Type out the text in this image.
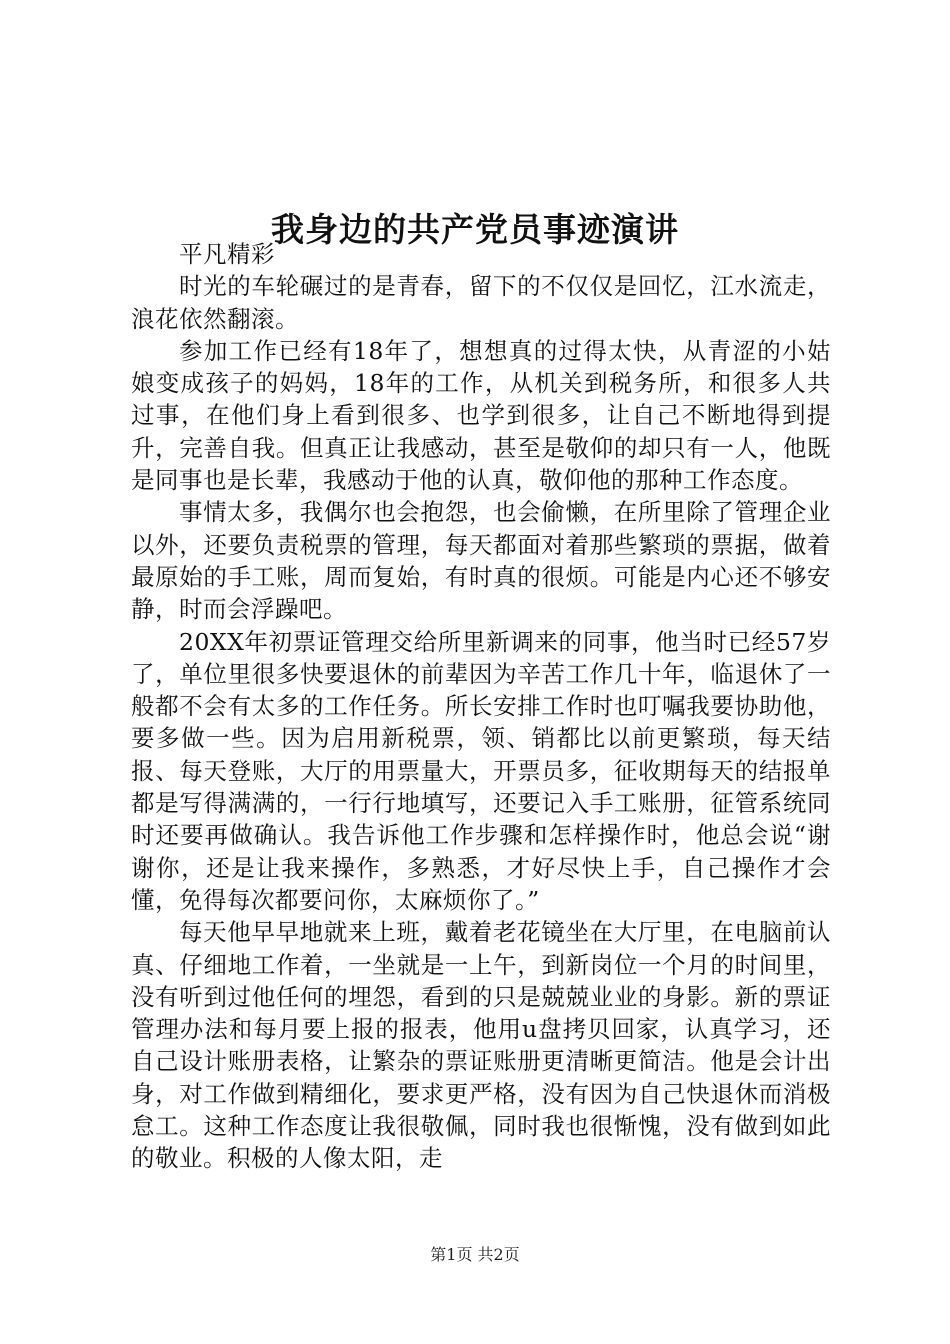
我身边的共产党员事迹演讲

平凡精彩

时光的车轮碾过的是青春，留下的不仅仅是回忆，江水流走，浪花依然翻滚。

参加工作已经有18年了，想想真的过得太快，从青涩的小姑娘变成孩子的妈妈，18年的工作，从机关到税务所，和很多人共过事，在他们身上看到很多、也学到很多，让自己不断地得到提升，完善自我。但真正让我感动，甚至是敬仰的却只有一人，他既是同事也是长辈，我感动于他的认真，敬仰他的那种工作态度。

事情太多，我偶尔也会抱怨，也会偷懒，在所里除了管理企业以外，还要负责税票的管理，每天都面对着那些繁琐的票据，做着最原始的手工账，周而复始，有时真的很烦。可能是内心还不够安静，时而会浮躁吧。

20XX年初票证管理交给所里新调来的同事，他当时已经57岁了，单位里很多快要退休的前辈因为辛苦工作几十年，临退休了一般都不会有太多的工作任务。所长安排工作时也叮嘱我要协助他，要多做一些。因为启用新税票，领、销都比以前更繁琐，每天结报、每天登账，大厅的用票量大，开票员多，征收期每天的结报单都是写得满满的，一行行地填写，还要记入手工账册，征管系统同时还要再做确认。我告诉他工作步骤和怎样操作时，他总会说“谢谢你，还是让我来操作，多熟悉，才好尽快上手，自己操作才会懂，免得每次都要问你，太麻烦你了。”

每天他早早地就来上班，戴着老花镜坐在大厅里，在电脑前认真、仔细地工作着，一坐就是一上午，到新岗位一个月的时间里，没有听到过他任何的埋怨，看到的只是兢兢业业的身影。新的票证管理办法和每月要上报的报表，他用u盘拷贝回家，认真学习，还自己设计账册表格，让繁杂的票证账册更清晰更简洁。他是会计出身，对工作做到精细化，要求更严格，没有因为自己快退休而消极怠工。这种工作态度让我很敬佩，同时我也很惭愧，没有做到如此的敬业。积极的人像太阳，走

第1页 共2页
